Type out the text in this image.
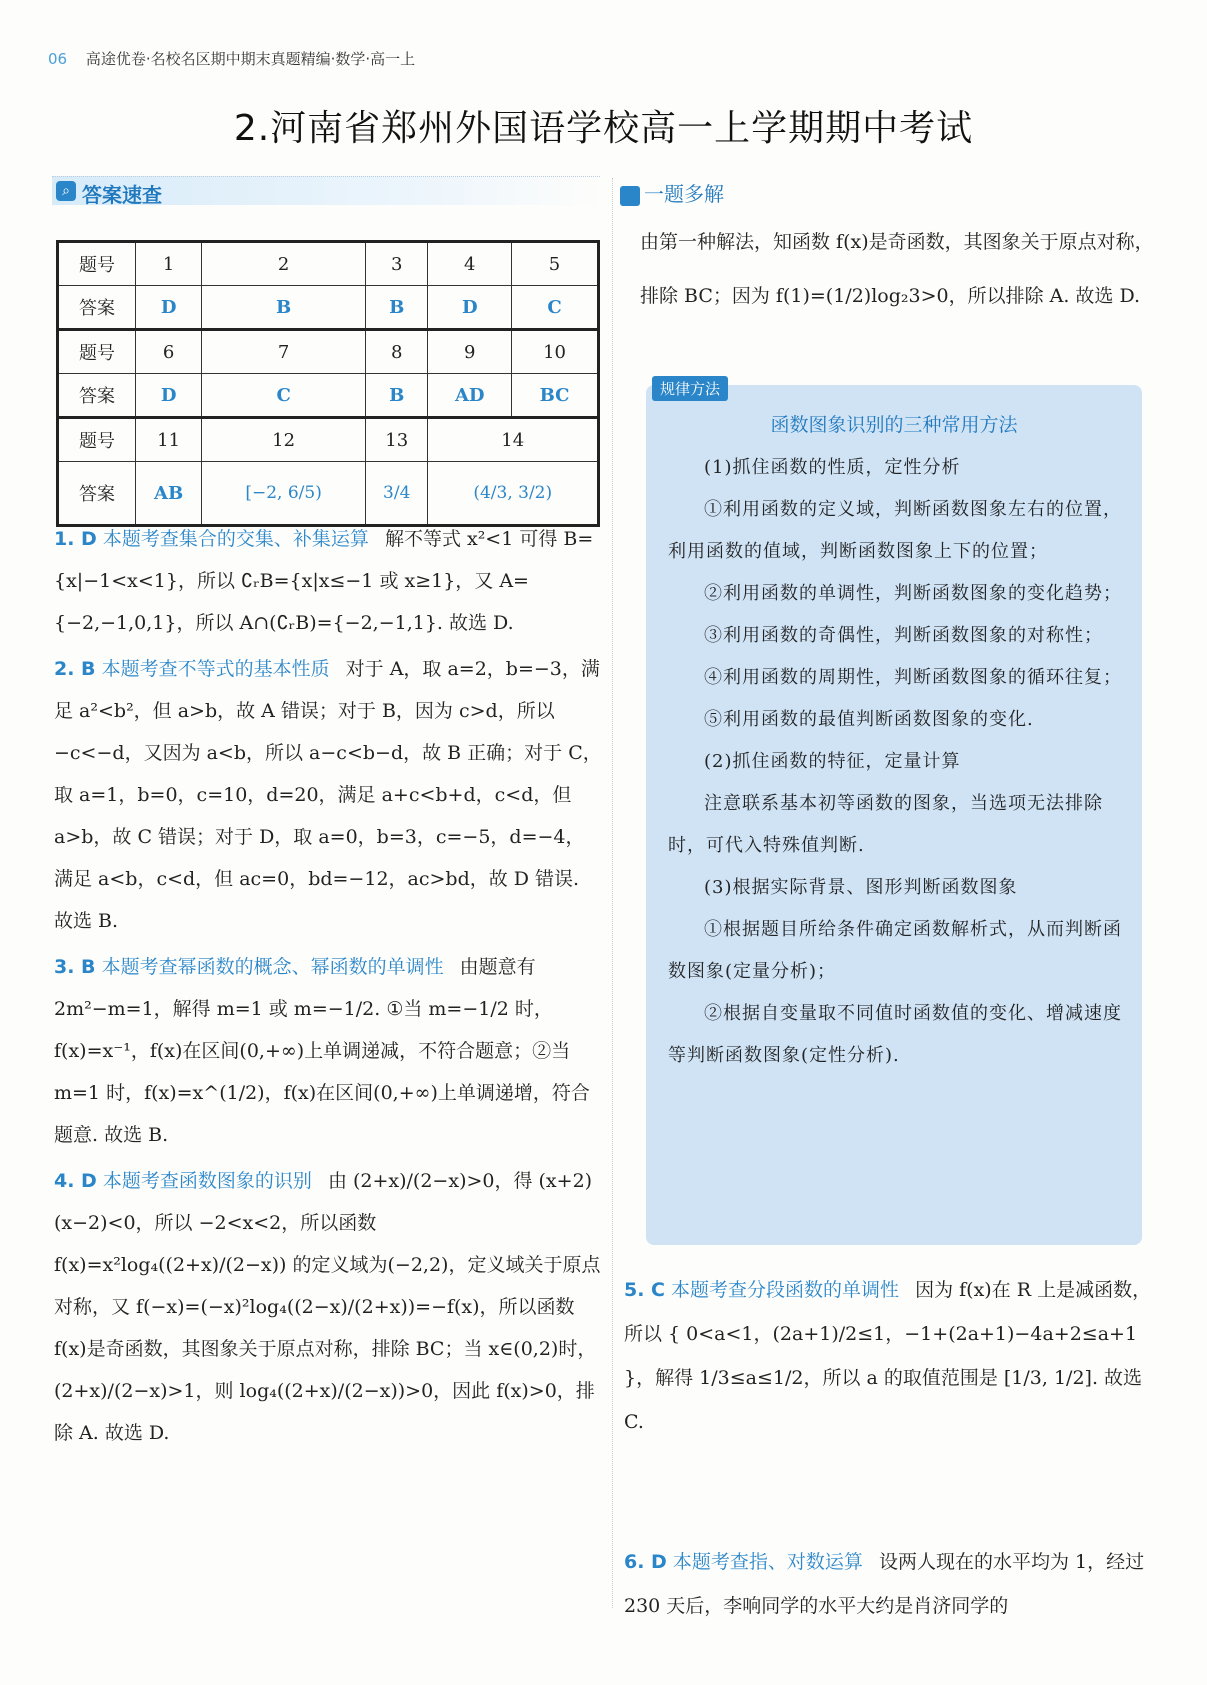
06 高途优卷·名校名区期中期末真题精编·数学·高一上
2.河南省郑州外国语学校高一上学期期中考试
⌕ 答案速查
题号	1	2	3	4	5
答案	D	B	B	D	C
题号	6	7	8	9	10
答案	D	C	B	AD	BC
题号	11	12	13	14	
答案	AB	[−2, 6/5)	3/4	(4/3, 3/2)	

1. D 本题考查集合的交集、补集运算 解不等式 x²<1 可得 B={x|−1<x<1}，所以 ∁ᵣB={x|x≤−1 或 x≥1}，又 A={−2,−1,0,1}，所以 A∩(∁ᵣB)={−2,−1,1}. 故选 D.

2. B 本题考查不等式的基本性质 对于 A，取 a=2，b=−3，满足 a²<b²，但 a>b，故 A 错误；对于 B，因为 c>d，所以 −c<−d，又因为 a<b，所以 a−c<b−d，故 B 正确；对于 C，取 a=1，b=0，c=10，d=20，满足 a+c<b+d，c<d，但 a>b，故 C 错误；对于 D，取 a=0，b=3，c=−5，d=−4，满足 a<b，c<d，但 ac=0，bd=−12，ac>bd，故 D 错误. 故选 B.

3. B 本题考查幂函数的概念、幂函数的单调性 由题意有 2m²−m=1，解得 m=1 或 m=−1/2. ①当 m=−1/2 时，f(x)=x⁻¹，f(x)在区间(0,+∞)上单调递减，不符合题意；②当 m=1 时，f(x)=x^(1/2)，f(x)在区间(0,+∞)上单调递增，符合题意. 故选 B.

4. D 本题考查函数图象的识别 由 (2+x)/(2−x)>0，得 (x+2)(x−2)<0，所以 −2<x<2，所以函数 f(x)=x²log₄((2+x)/(2−x)) 的定义域为(−2,2)，定义域关于原点对称，又 f(−x)=(−x)²log₄((2−x)/(2+x))=−f(x)，所以函数 f(x)是奇函数，其图象关于原点对称，排除 BC；当 x∈(0,2)时，(2+x)/(2−x)>1，则 log₄((2+x)/(2−x))>0，因此 f(x)>0，排除 A. 故选 D.

一题多解
由第一种解法，知函数 f(x)是奇函数，其图象关于原点对称，排除 BC；因为 f(1)=(1/2)log₂3>0，所以排除 A. 故选 D.
规律方法
函数图象识别的三种常用方法
(1)抓住函数的性质，定性分析
①利用函数的定义域，判断函数图象左右的位置，利用函数的值域，判断函数图象上下的位置；
②利用函数的单调性，判断函数图象的变化趋势；
③利用函数的奇偶性，判断函数图象的对称性；
④利用函数的周期性，判断函数图象的循环往复；
⑤利用函数的最值判断函数图象的变化.
(2)抓住函数的特征，定量计算
注意联系基本初等函数的图象，当选项无法排除时，可代入特殊值判断.
(3)根据实际背景、图形判断函数图象
①根据题目所给条件确定函数解析式，从而判断函数图象(定量分析)；
②根据自变量取不同值时函数值的变化、增减速度等判断函数图象(定性分析).
5. C 本题考查分段函数的单调性 因为 f(x)在 R 上是减函数，所以 { 0<a<1，(2a+1)/2≤1，−1+(2a+1)−4a+2≤a+1 }，解得 1/3≤a≤1/2，所以 a 的取值范围是 [1/3, 1/2]. 故选 C.
6. D 本题考查指、对数运算 设两人现在的水平均为 1，经过 230 天后，李响同学的水平大约是肖济同学的
